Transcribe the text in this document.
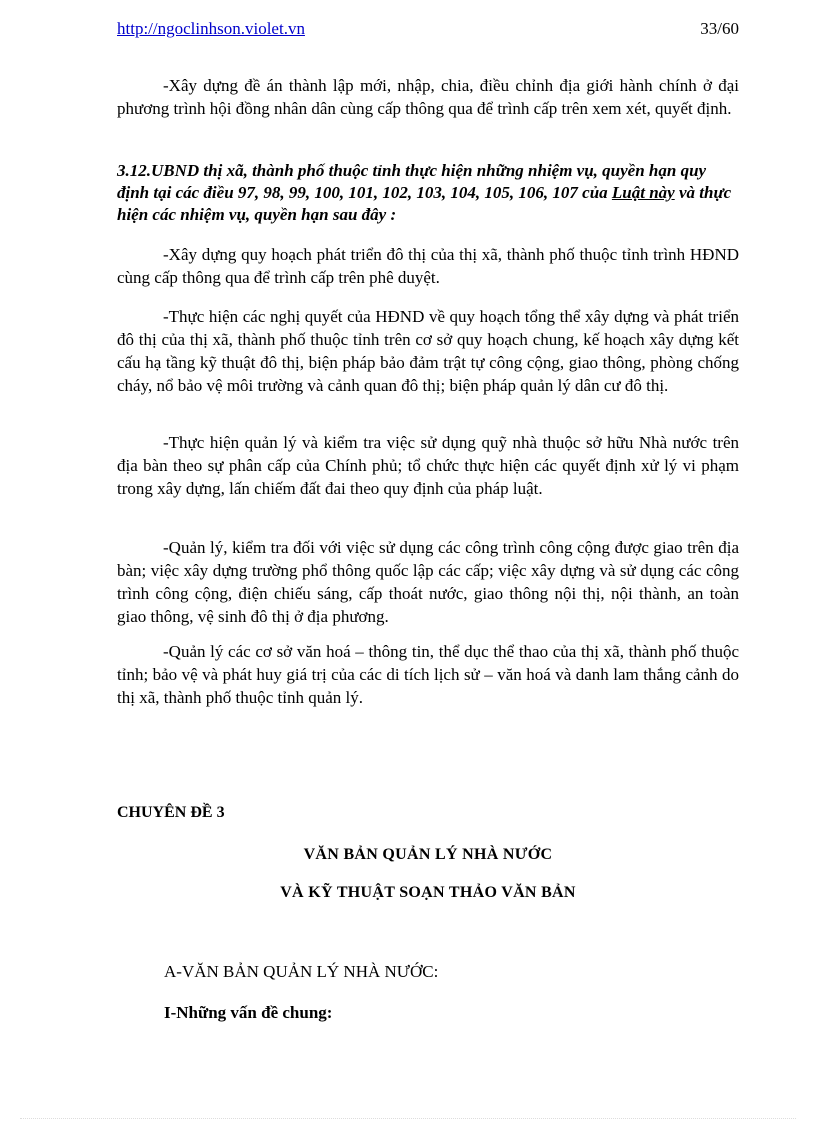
http://ngoclinhson.violet.vn	33/60

-Xây dựng đề án thành lập mới, nhập, chia, điều chỉnh địa giới hành chính ở đại phương trình hội đồng nhân dân cùng cấp thông qua để trình cấp trên xem xét, quyết định.

3.12.UBND thị xã, thành phố thuộc tỉnh thực hiện những nhiệm vụ, quyền hạn quy định tại các điều 97, 98, 99, 100, 101, 102, 103, 104, 105, 106, 107 của Luật này và thực hiện các nhiệm vụ, quyền hạn sau đây :

-Xây dựng quy hoạch phát triển đô thị của thị xã, thành phố thuộc tỉnh trình HĐND cùng cấp thông qua để trình cấp trên phê duyệt.

-Thực hiện các nghị quyết của HĐND về quy hoạch tổng thể xây dựng và phát triển đô thị của thị xã, thành phố thuộc tỉnh trên cơ sở quy hoạch chung, kế hoạch xây dựng kết cấu hạ tầng kỹ thuật đô thị, biện pháp bảo đảm trật tự công cộng, giao thông, phòng chống cháy, nổ bảo vệ môi trường và cảnh quan đô thị; biện pháp quản lý dân cư đô thị.

-Thực hiện quản lý và kiểm tra việc sử dụng quỹ nhà thuộc sở hữu Nhà nước trên địa bàn theo sự phân cấp của Chính phủ; tổ chức thực hiện các quyết định xử lý vi phạm trong xây dựng, lấn chiếm đất đai theo quy định của pháp luật.

-Quản lý, kiểm tra đối với việc sử dụng các công trình công cộng được giao trên địa bàn; việc xây dựng trường phổ thông quốc lập các cấp; việc xây dựng và sử dụng các công trình công cộng, điện chiếu sáng, cấp thoát nước, giao thông nội thị, nội thành, an toàn giao thông, vệ sinh đô thị ở địa phương.

-Quản lý các cơ sở văn hoá – thông tin, thể dục thể thao của thị xã, thành phố thuộc tỉnh; bảo vệ và phát huy giá trị của các di tích lịch sử – văn hoá và danh lam thắng cảnh do thị xã, thành phố thuộc tỉnh quản lý.

CHUYÊN ĐỀ 3

VĂN BẢN QUẢN LÝ NHÀ NƯỚC

VÀ KỸ THUẬT SOẠN THẢO VĂN BẢN

A-VĂN BẢN QUẢN LÝ NHÀ NƯỚC:

I-Những vấn đề chung:
